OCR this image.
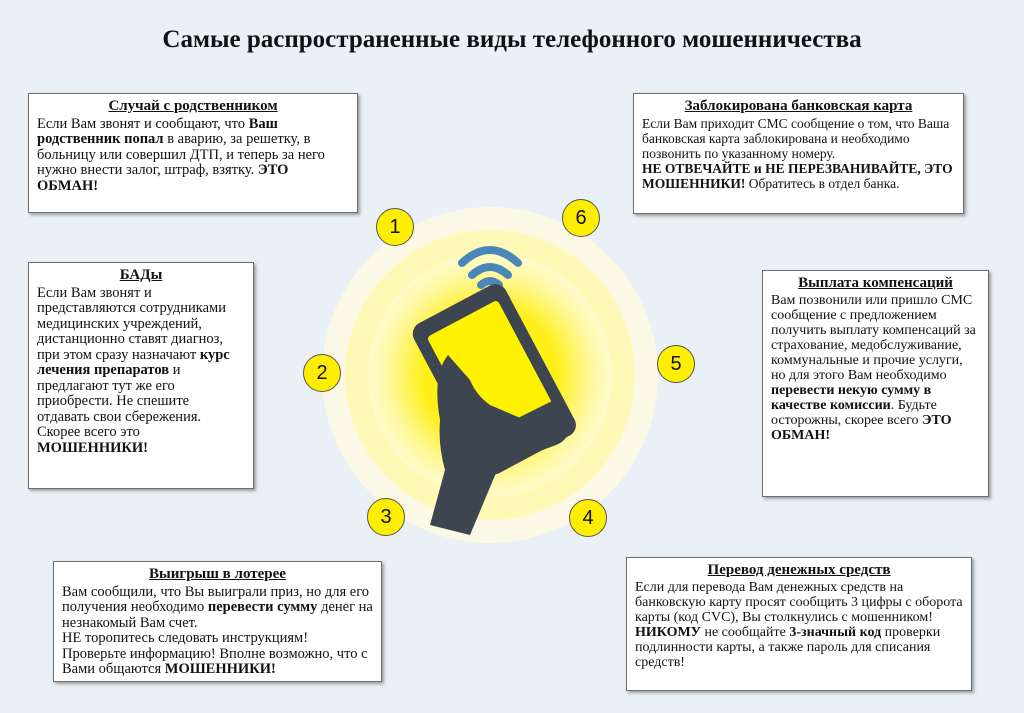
Самые распространенные виды телефонного мошенничества
Случай с родственником

Если Вам звонят и сообщают, что Ваш родственник попал в аварию, за решетку, в больницу или совершил ДТП, и теперь за него нужно внести залог, штраф, взятку. ЭТО ОБМАН!

БАДы

Если Вам звонят и представляются сотрудниками медицинских учреждений, дистанционно ставят диагноз, при этом сразу назначают курс лечения препаратов и предлагают тут же его приобрести. Не спешите отдавать свои сбережения. Скорее всего это МОШЕННИКИ!

Выигрыш в лотерее

Вам сообщили, что Вы выиграли приз, но для его получения необходимо перевести сумму денег на незнакомый Вам счет.
НЕ торопитесь следовать инструкциям! Проверьте информацию! Вполне возможно, что с Вами общаются МОШЕННИКИ!

Заблокирована банковская карта

Если Вам приходит СМС сообщение о том, что Ваша банковская карта заблокирована и необходимо позвонить по указанному номеру.
НЕ ОТВЕЧАЙТЕ и НЕ ПЕРЕЗВАНИВАЙТЕ, ЭТО МОШЕННИКИ! Обратитесь в отдел банка.

Выплата компенсаций

Вам позвонили или пришло СМС сообщение с предложением получить выплату компенсаций за страхование, медобслуживание, коммунальные и прочие услуги, но для этого Вам необходимо перевести некую сумму в качестве комиссии. Будьте осторожны, скорее всего ЭТО ОБМАН!

Перевод денежных средств

Если для перевода Вам денежных средств на банковскую карту просят сообщить 3 цифры с оборота карты (код CVC), Вы столкнулись с мошенником!
НИКОМУ не сообщайте 3-значный код проверки подлинности карты, а также пароль для списания средств!

1
2
3	4
5
6
